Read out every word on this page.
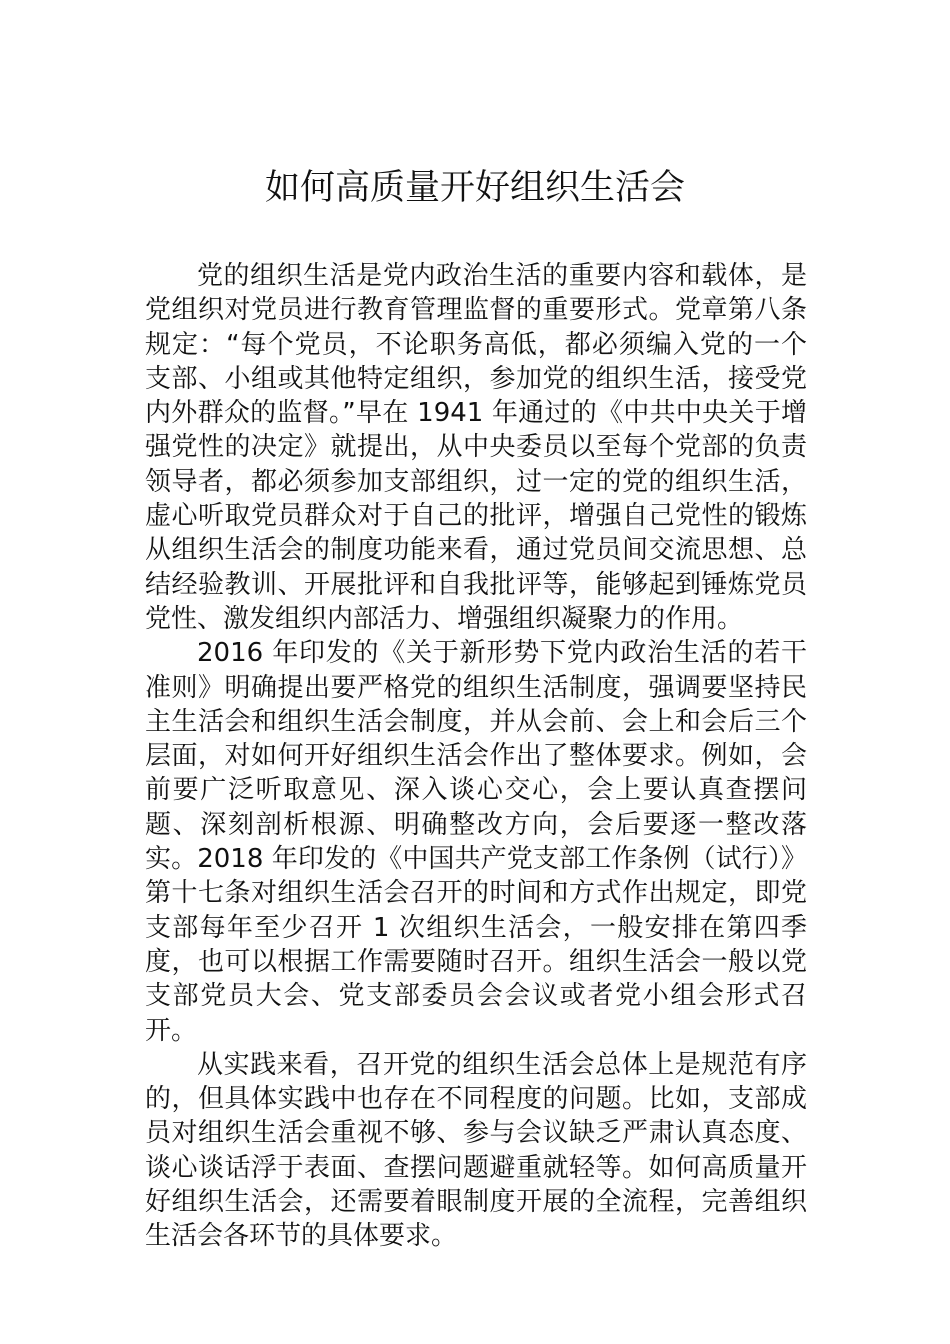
如何高质量开好组织生活会

党的组织生活是党内政治生活的重要内容和载体，是党组织对党员进行教育管理监督的重要形式。党章第八条规定：“每个党员，不论职务高低，都必须编入党的一个支部、小组或其他特定组织，参加党的组织生活，接受党内外群众的监督。”早在 1941 年通过的《中共中央关于增强党性的决定》就提出，从中央委员以至每个党部的负责领导者，都必须参加支部组织，过一定的党的组织生活，虚心听取党员群众对于自己的批评，增强自己党性的锻炼从组织生活会的制度功能来看，通过党员间交流思想、总结经验教训、开展批评和自我批评等，能够起到锤炼党员党性、激发组织内部活力、增强组织凝聚力的作用。

2016 年印发的《关于新形势下党内政治生活的若干准则》明确提出要严格党的组织生活制度，强调要坚持民主生活会和组织生活会制度，并从会前、会上和会后三个层面，对如何开好组织生活会作出了整体要求。例如，会前要广泛听取意见、深入谈心交心，会上要认真查摆问题、深刻剖析根源、明确整改方向，会后要逐一整改落实。2018 年印发的《中国共产党支部工作条例（试行）》第十七条对组织生活会召开的时间和方式作出规定，即党支部每年至少召开 1 次组织生活会，一般安排在第四季度，也可以根据工作需要随时召开。组织生活会一般以党支部党员大会、党支部委员会会议或者党小组会形式召开。

从实践来看，召开党的组织生活会总体上是规范有序的，但具体实践中也存在不同程度的问题。比如，支部成员对组织生活会重视不够、参与会议缺乏严肃认真态度、谈心谈话浮于表面、查摆问题避重就轻等。如何高质量开好组织生活会，还需要着眼制度开展的全流程，完善组织生活会各环节的具体要求。
